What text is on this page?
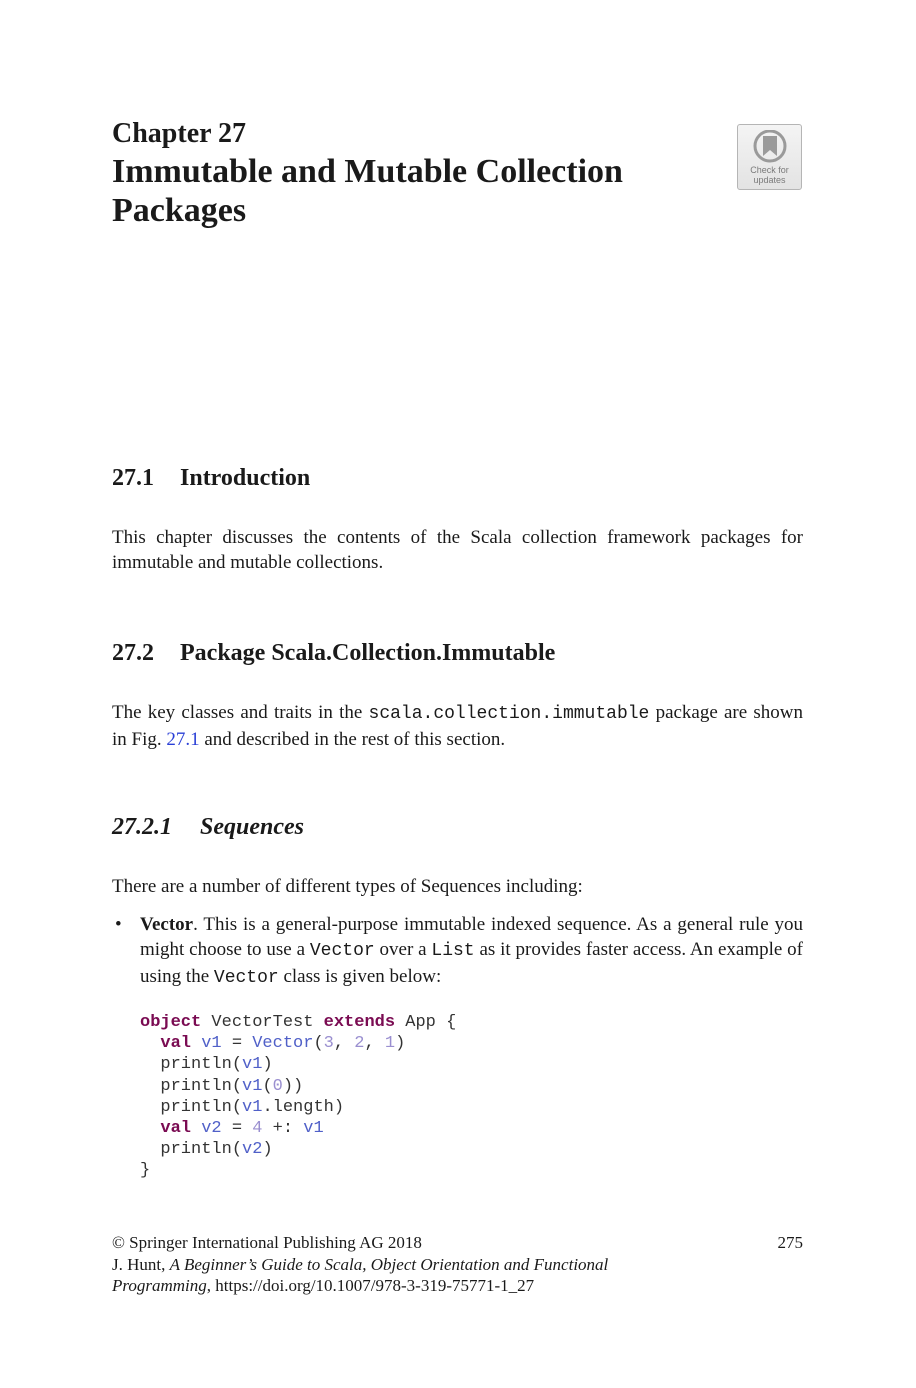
Chapter 27
Immutable and Mutable Collection
Packages
Check for
updates
27.1 Introduction
This chapter discusses the contents of the Scala collection framework packages for immutable and mutable collections.
27.2 Package Scala.Collection.Immutable
The key classes and traits in the scala.collection.immutable package are shown in Fig. 27.1 and described in the rest of this section.
27.2.1 Sequences
There are a number of different types of Sequences including:
• Vector. This is a general-purpose immutable indexed sequence. As a general rule you might choose to use a Vector over a List as it provides faster access. An example of using the Vector class is given below:
object VectorTest extends App {
val v1 = Vector(3, 2, 1)
println(v1)
println(v1(0))
println(v1.length)
val v2 = 4 +: v1
println(v2)
}
© Springer International Publishing AG 2018
J. Hunt, A Beginner’s Guide to Scala, Object Orientation and Functional
Programming, https://doi.org/10.1007/978-3-319-75771-1_27
275
